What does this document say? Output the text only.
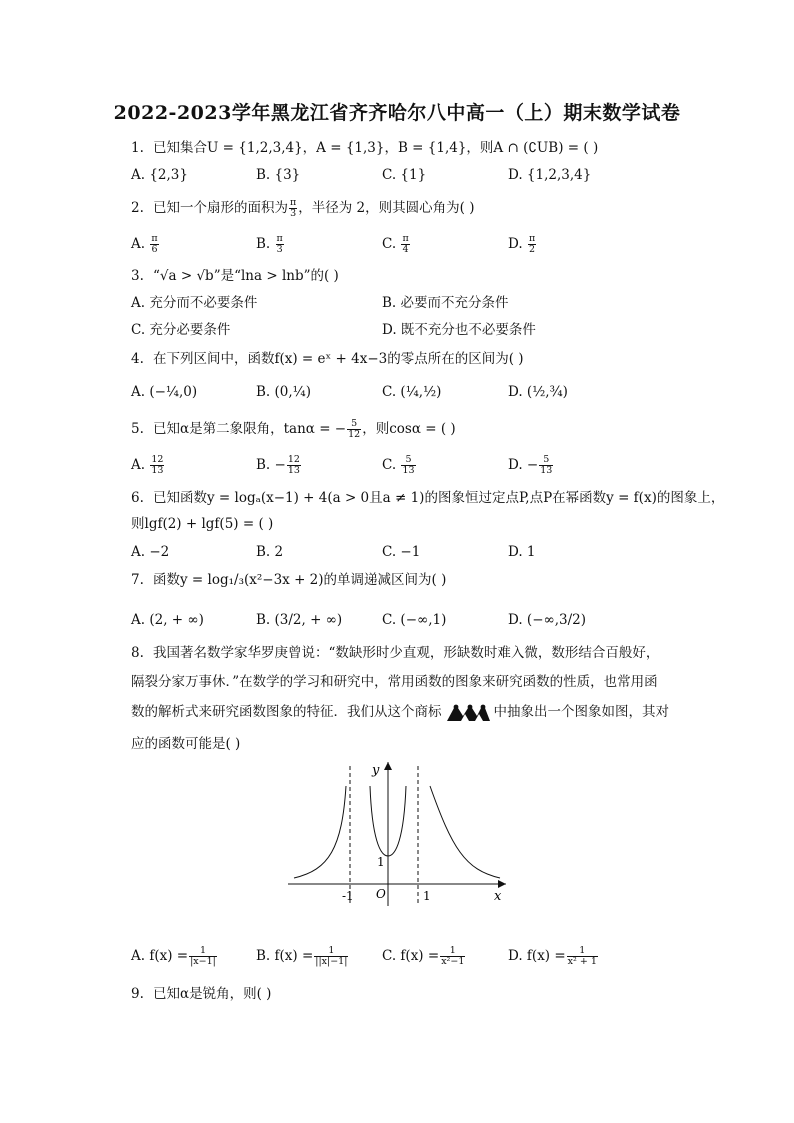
2022-2023学年黑龙江省齐齐哈尔八中高一（上）期末数学试卷
1. 已知集合U = {1,2,3,4}，A = {1,3}，B = {1,4}，则A ∩ (∁UB) = ( )
A. {2,3}	B. {3}	C. {1}	D. {1,2,3,4}
2. 已知一个扇形的面积为 $\frac{\pi}{3}$ ，半径为 2，则其圆心角为( )
A. $\frac{\pi}{6}$	B. $\frac{\pi}{3}$	C. $\frac{\pi}{4}$	D. $\frac{\pi}{2}$
3. “√a > √b”是“lna > lnb”的( )
A. 充分而不必要条件	B. 必要而不充分条件
C. 充分必要条件	D. 既不充分也不必要条件
4. 在下列区间中，函数f(x) = eˣ + 4x−3的零点所在的区间为( )
A. (−¼,0)	B. (0,¼)	C. (¼,½)	D. (½,¾)
5. 已知α是第二象限角，tanα = − $\frac{5}{12}$ ，则cosα = ( )
A. $\frac{12}{13}$	B. − $\frac{12}{13}$	C. $\frac{5}{13}$	D. − $\frac{5}{13}$
6. 已知函数y = logₐ(x−1) + 4(a > 0且a ≠ 1)的图象恒过定点P,点P在幂函数y = f(x)的图象上，
则lgf(2) + lgf(5) = ( )
A. −2	B. 2	C. −1	D. 1
7. 函数y = log₁/₃(x²−3x + 2)的单调递减区间为( )
A. (2, + ∞)	B. (3/2, + ∞)	C. (−∞,1)	D. (−∞,3/2)
8. 我国著名数学家华罗庚曾说：“数缺形时少直观，形缺数时难入微，数形结合百般好，
隔裂分家万事休．”在数学的学习和研究中，常用函数的图象来研究函数的性质，也常用函
数的解析式来研究函数图象的特征．我们从这个商标	中抽象出一个图象如图，其对
应的函数可能是( )
y
x
O
-1	1
1
A. $f(x) = \frac{1}{|x-1|}$	B. $f(x) = \frac{1}{||x|-1|} C$. $f(x) = \frac{1}{\text{x²−1}}$	D. $f(x) = \frac{1}{\text{x² + 1}}$
9. 已知α是锐角，则( )
